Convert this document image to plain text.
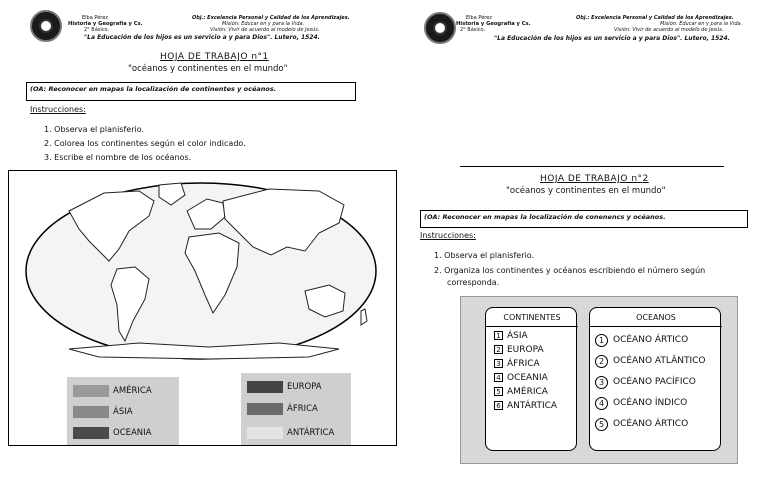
Elba Pérez
Historia y Geografía y Cs.
2° Básico.
Obj.: Excelencia Personal y Calidad de los Aprendizajes.
Misión: Educar en y para la Vida.
Visión: Vivir de acuerdo al modelo de Jesús.
"La Educación de los hijos es un servicio a y para Dios". Lutero, 1524.
HOJA DE TRABAJO n°1
"océanos y continentes en el mundo"
(OA: Reconocer en mapas la localización de continentes y océanos.
Instrucciones:
1. Observa el planisferio.
2. Colorea los continentes según el color indicado.
3. Escribe el nombre de los océanos.
AMÉRICA
ÁSIA
OCEANIA
EUROPA
ÁFRICA
ANTÁRTICA
Elba Pérez
Historia y Geografía y Cs.
2° Básico.
Obj.: Excelencia Personal y Calidad de los Aprendizajes.
Misión: Educar en y para la Vida.
Visión: Vivir de acuerdo al modelo de Jesús.
"La Educación de los hijos es un servicio a y para Dios". Lutero, 1524.
HOJA DE TRABAJO n°2
"océanos y continentes en el mundo"
(OA: Reconocer en mapas la localización de conenencs y océanos.
Instrucciones:
1. Observa el planisferio.
2. Organiza los continentes y océanos escribiendo el número según
corresponda.
CONTINENTES
1 ÁSIA
2 EUROPA
3 ÁFRICA
4 OCEANIA
5 AMÉRICA
6 ANTÁRTICA
OCEANOS
1 OCÉANO ÁRTICO
2 OCÉANO ATLÂNTICO
3 OCÉANO PACÍFICO
4 OCÉANO ÍNDICO
5 OCÉANO ÁRTICO
